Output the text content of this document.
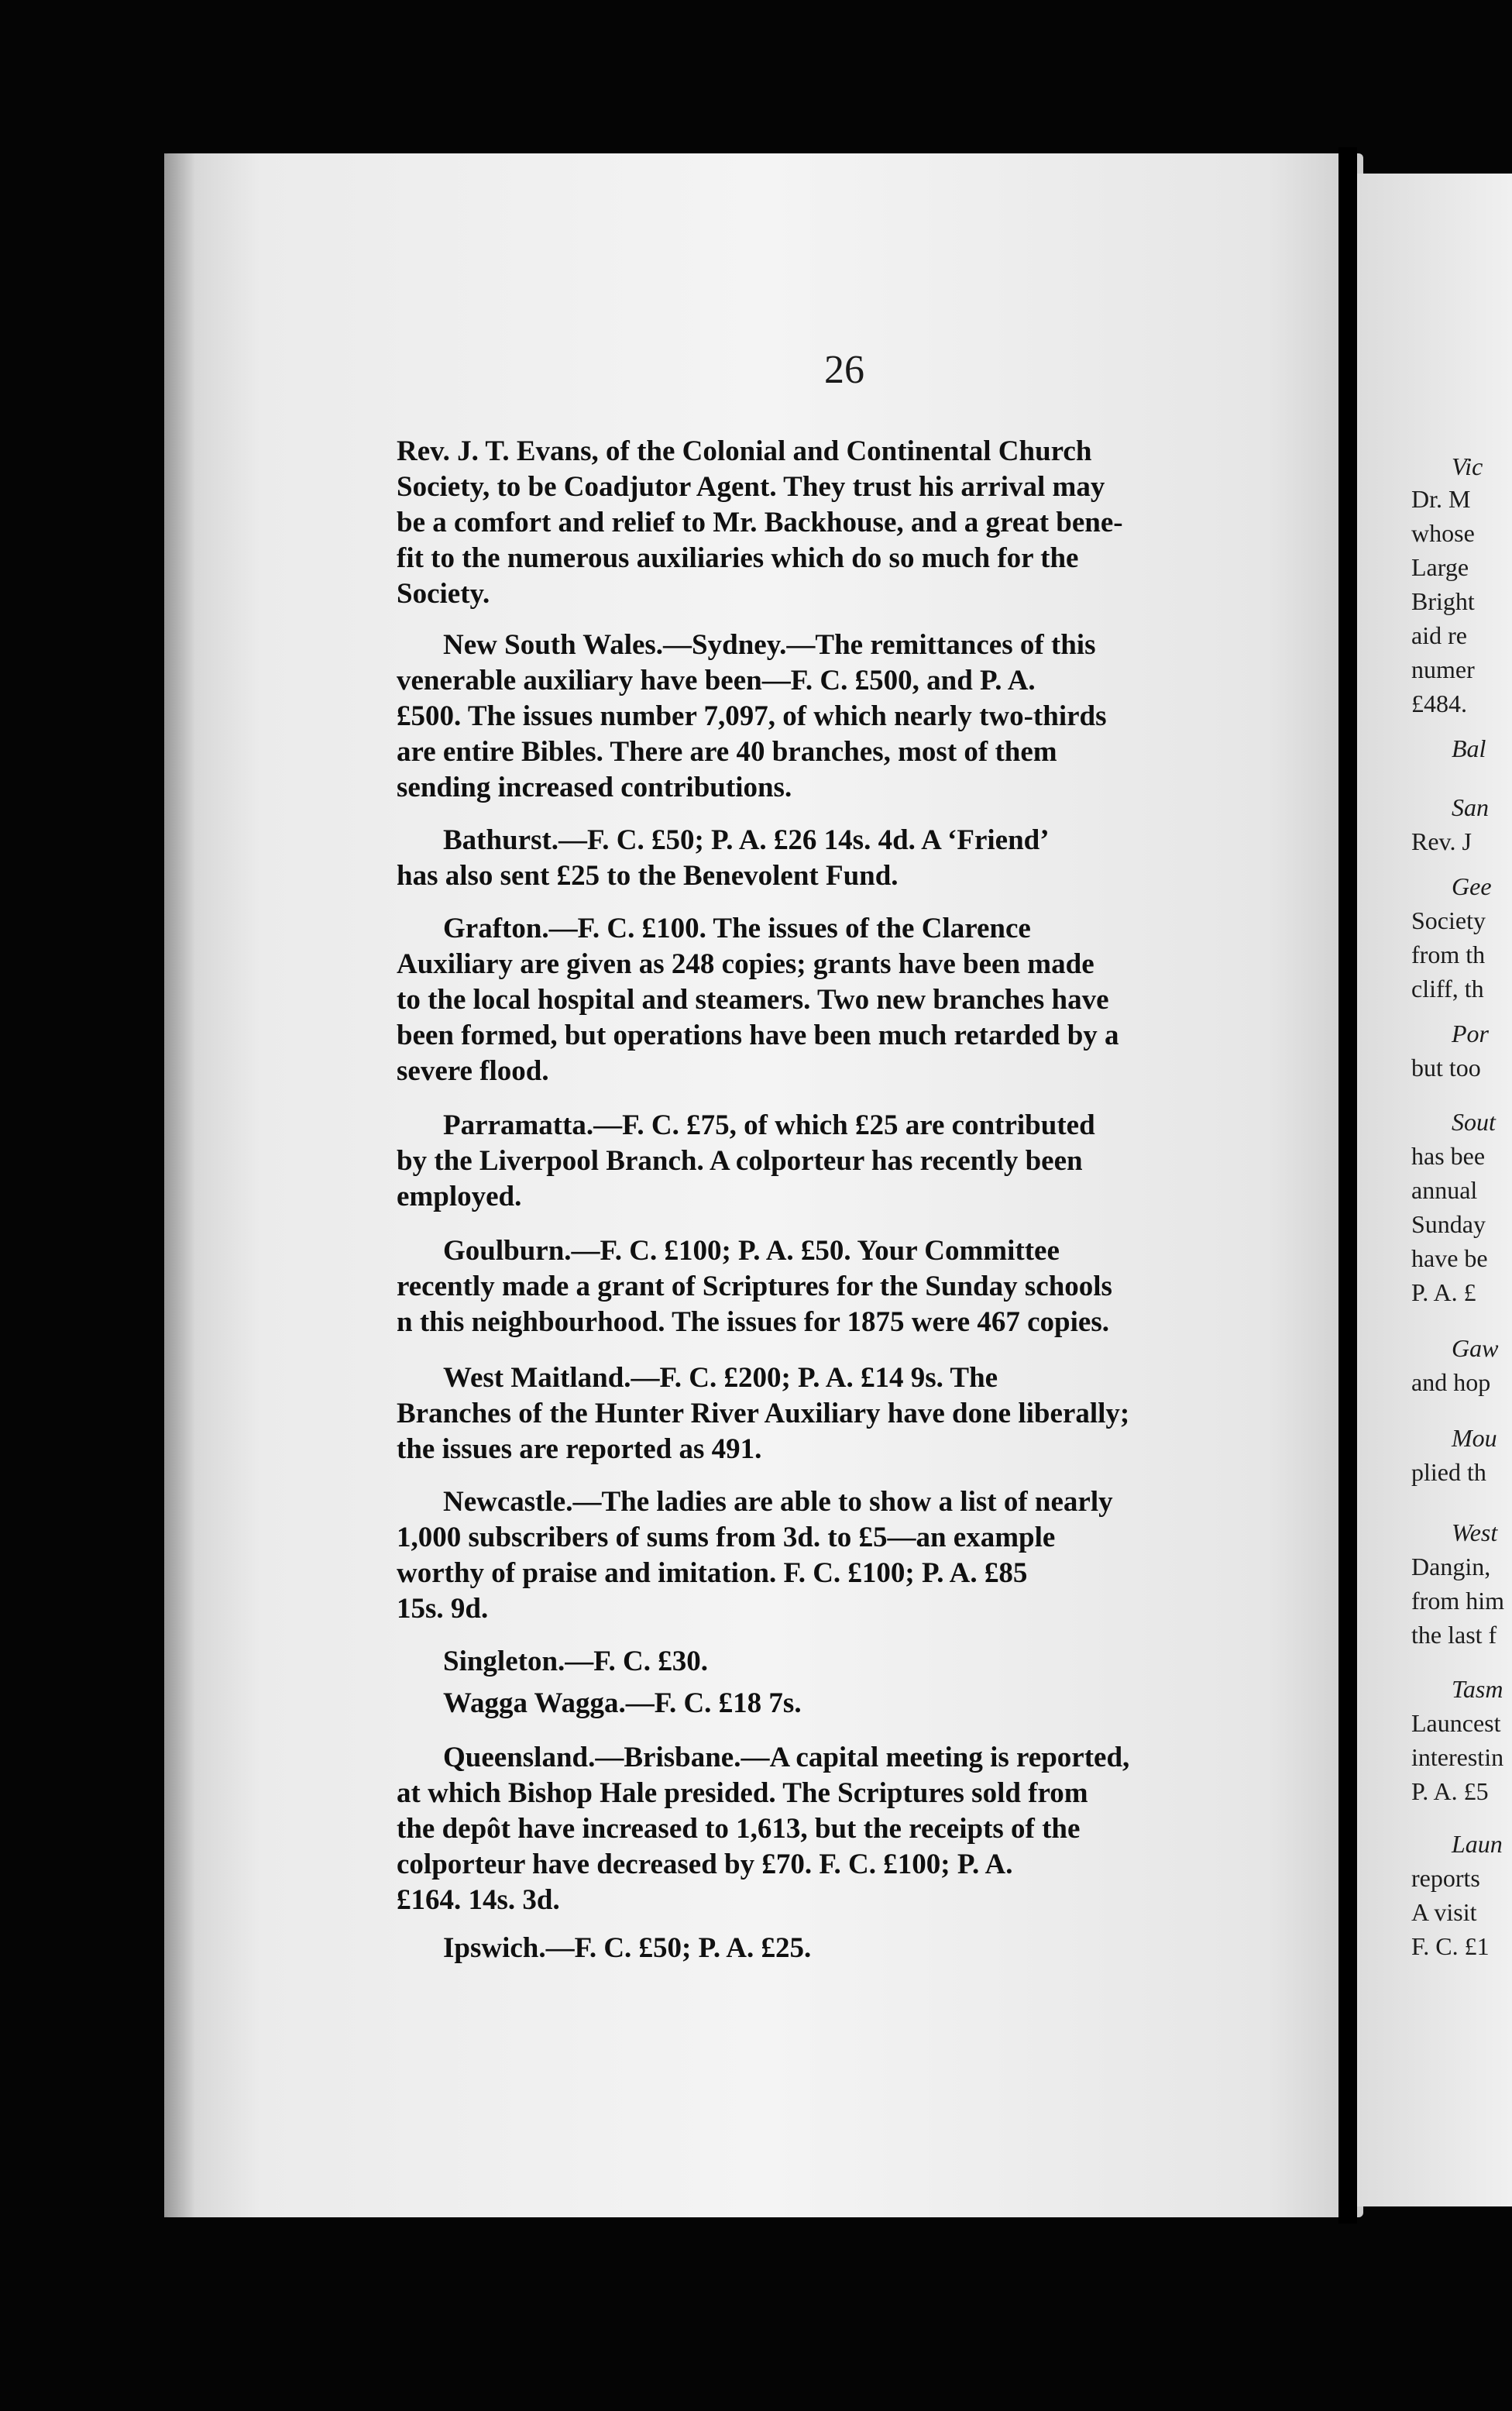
Vic
Dr. M
whose
Large
Bright
aid re
numer
£484.
Bal
San
Rev. J
Gee
Society
from th
cliff, th
Por
but too
Sout
has bee
annual
Sunday
have be
P. A. £
Gaw
and hop
Mou
plied th
West
Dangin,
from him
the last f
Tasm
Launcest
interestin
P. A. £5
Laun
reports
A visit
F. C. £1
26
Rev. J. T. Evans, of the Colonial and Continental Church
Society, to be Coadjutor Agent. They trust his arrival may
be a comfort and relief to Mr. Backhouse, and a great bene-
fit to the numerous auxiliaries which do so much for the
Society.
New South Wales.—Sydney.—The remittances of this
venerable auxiliary have been—F. C. £500, and P. A.
£500. The issues number 7,097, of which nearly two-thirds
are entire Bibles. There are 40 branches, most of them
sending increased contributions.
Bathurst.—F. C. £50; P. A. £26 14s. 4d. A ‘Friend’
has also sent £25 to the Benevolent Fund.
Grafton.—F. C. £100. The issues of the Clarence
Auxiliary are given as 248 copies; grants have been made
to the local hospital and steamers. Two new branches have
been formed, but operations have been much retarded by a
severe flood.
Parramatta.—F. C. £75, of which £25 are contributed
by the Liverpool Branch. A colporteur has recently been
employed.
Goulburn.—F. C. £100; P. A. £50. Your Committee
recently made a grant of Scriptures for the Sunday schools
n this neighbourhood. The issues for 1875 were 467 copies.
West Maitland.—F. C. £200; P. A. £14 9s. The
Branches of the Hunter River Auxiliary have done liberally;
the issues are reported as 491.
Newcastle.—The ladies are able to show a list of nearly
1,000 subscribers of sums from 3d. to £5—an example
worthy of praise and imitation. F. C. £100; P. A. £85
15s. 9d.
Singleton.—F. C. £30.
Wagga Wagga.—F. C. £18 7s.
Queensland.—Brisbane.—A capital meeting is reported,
at which Bishop Hale presided. The Scriptures sold from
the depôt have increased to 1,613, but the receipts of the
colporteur have decreased by £70. F. C. £100; P. A.
£164. 14s. 3d.
Ipswich.—F. C. £50; P. A. £25.
